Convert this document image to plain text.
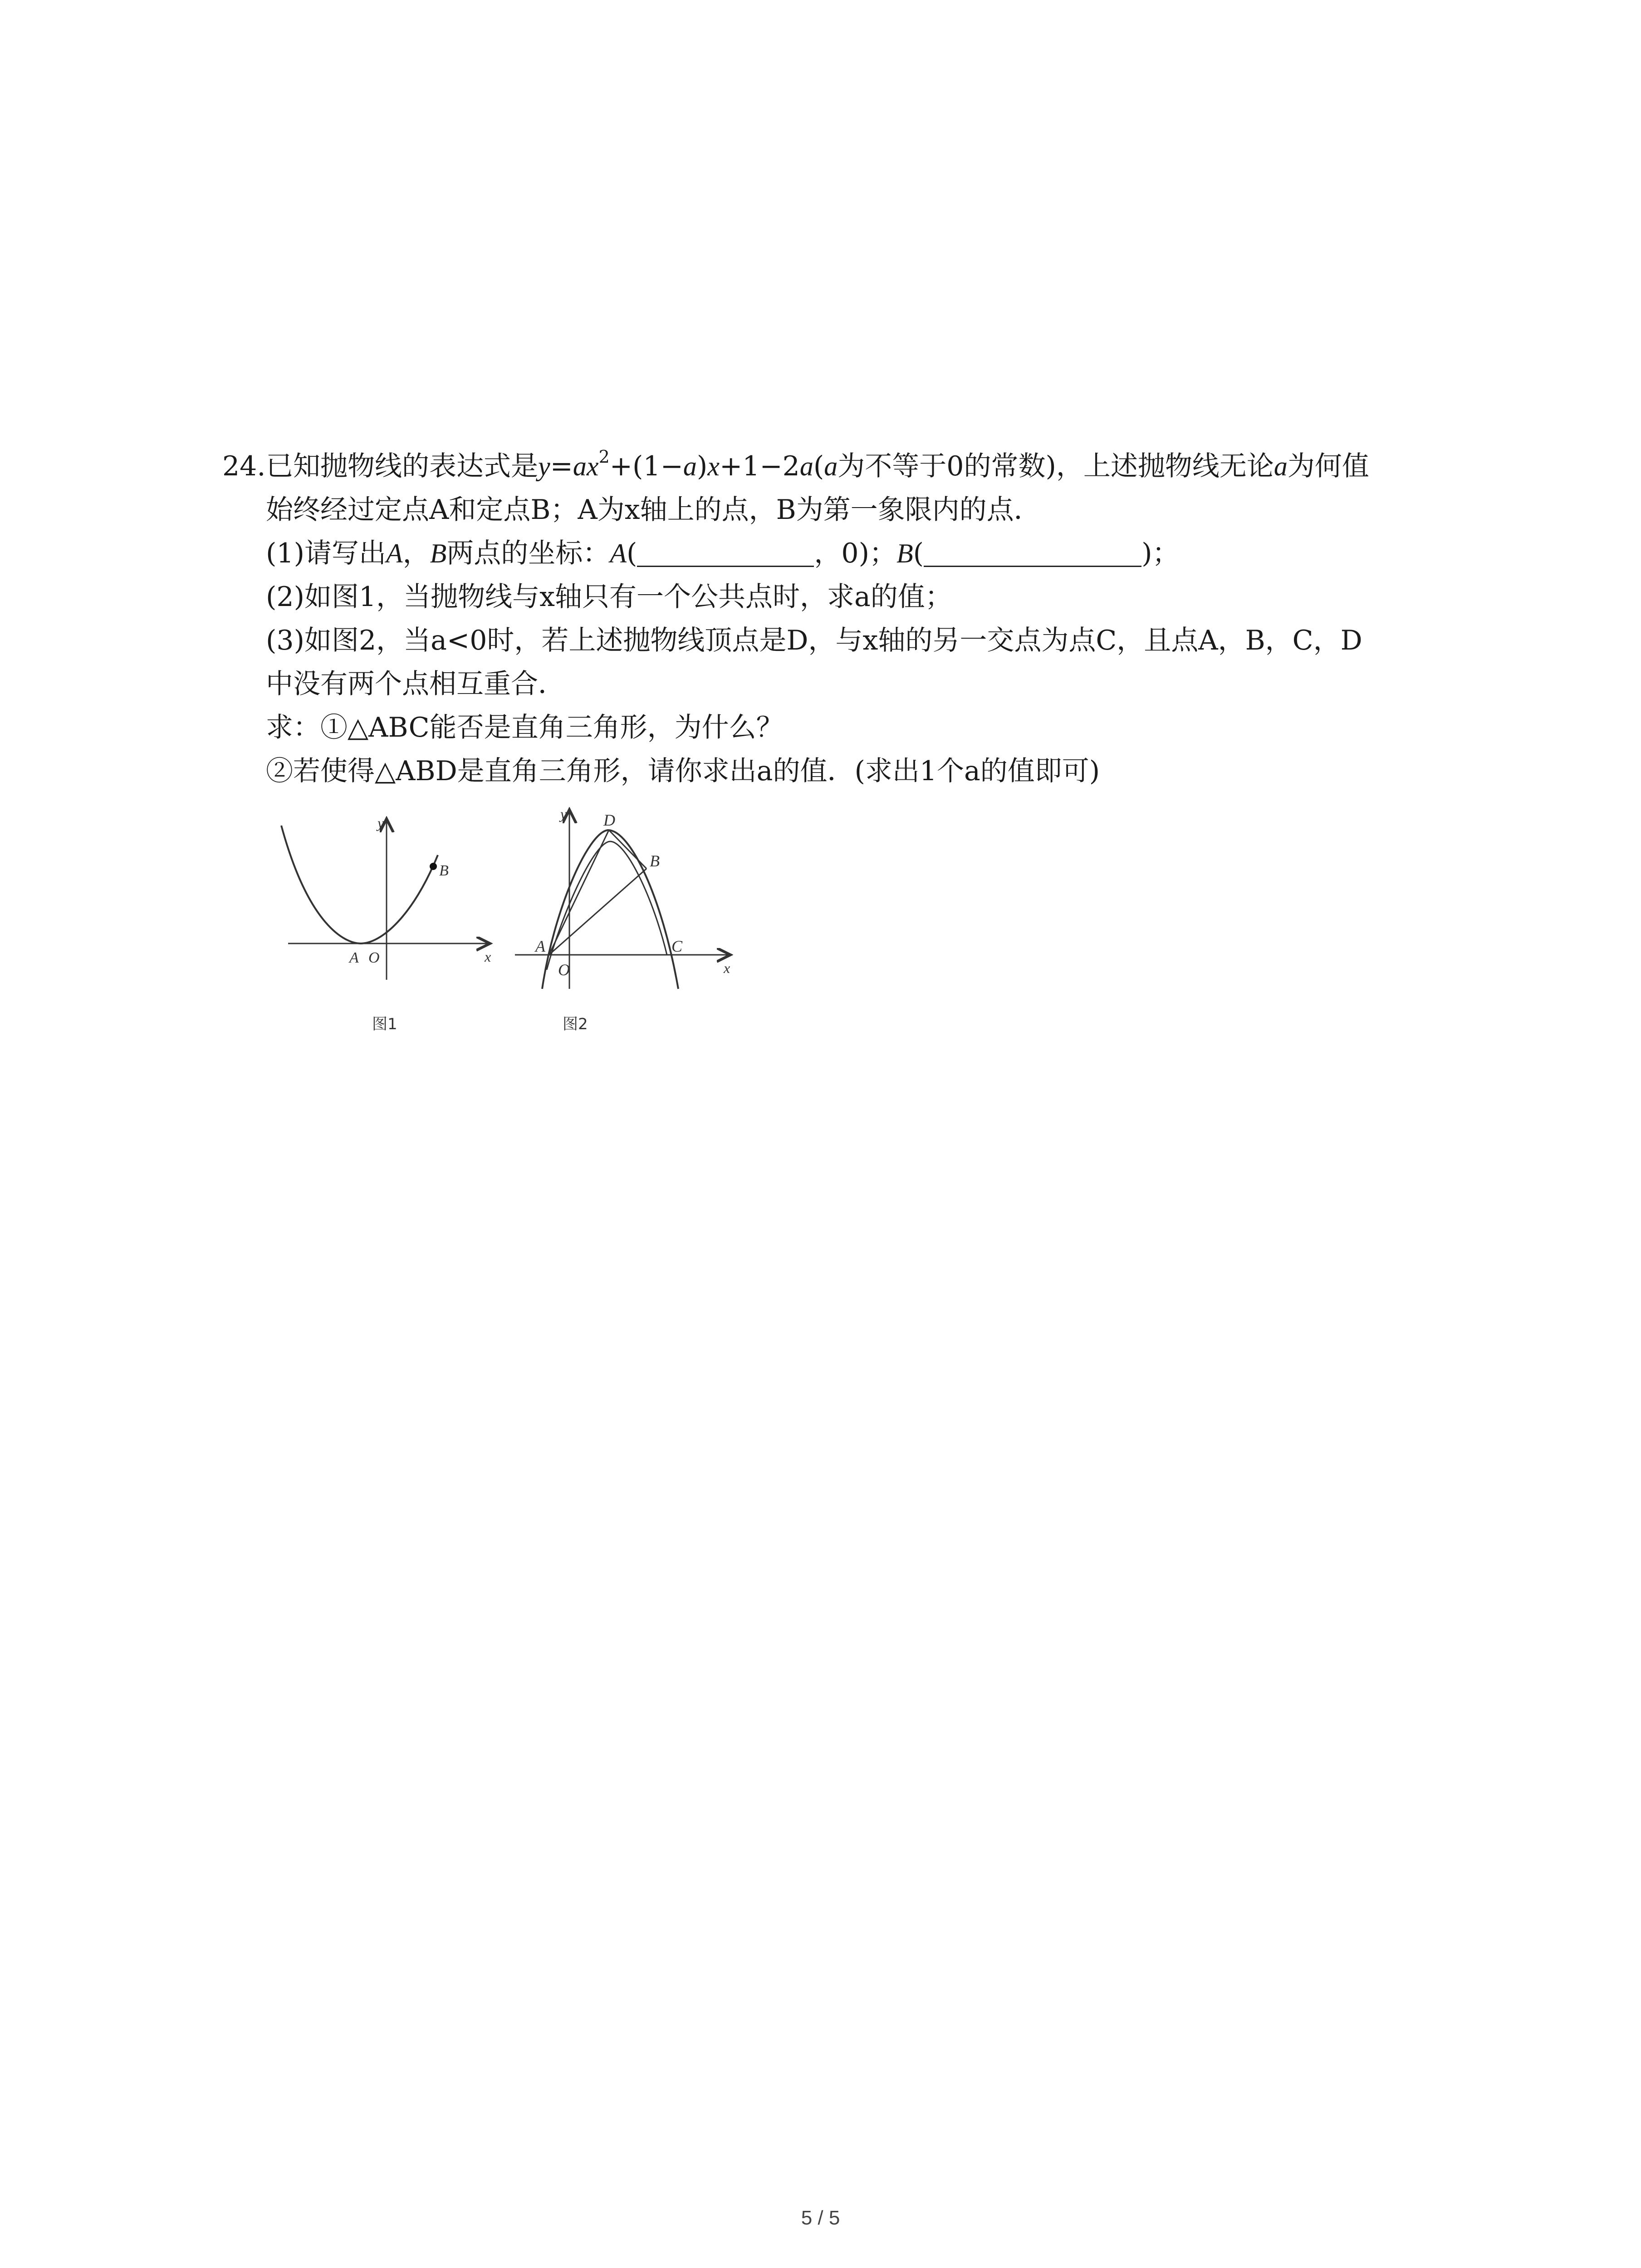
24.已知抛物线的表达式是$y=ax^2+(1-a)x+1-2a(a$为不等于0的常数)，上述抛物线无论a为何值
始终经过定点A和定点B；A为x轴上的点，B为第一象限内的点．
(1)请写出A，B两点的坐标：A(	，0)；B(	)；
(2)如图1，当抛物线与x轴只有一个公共点时，求a的值；
(3)如图2，当a<0时，若上述抛物线顶点是D，与x轴的另一交点为点C，且点A，B，C，D
中没有两个点相互重合．
求：①△ABC能否是直角三角形，为什么？
②若使得△ABD是直角三角形，请你求出a的值．(求出1个a的值即可)
y
x
B
A O
图1
y
x
D
B
A	C
O
图2
5 / 5
